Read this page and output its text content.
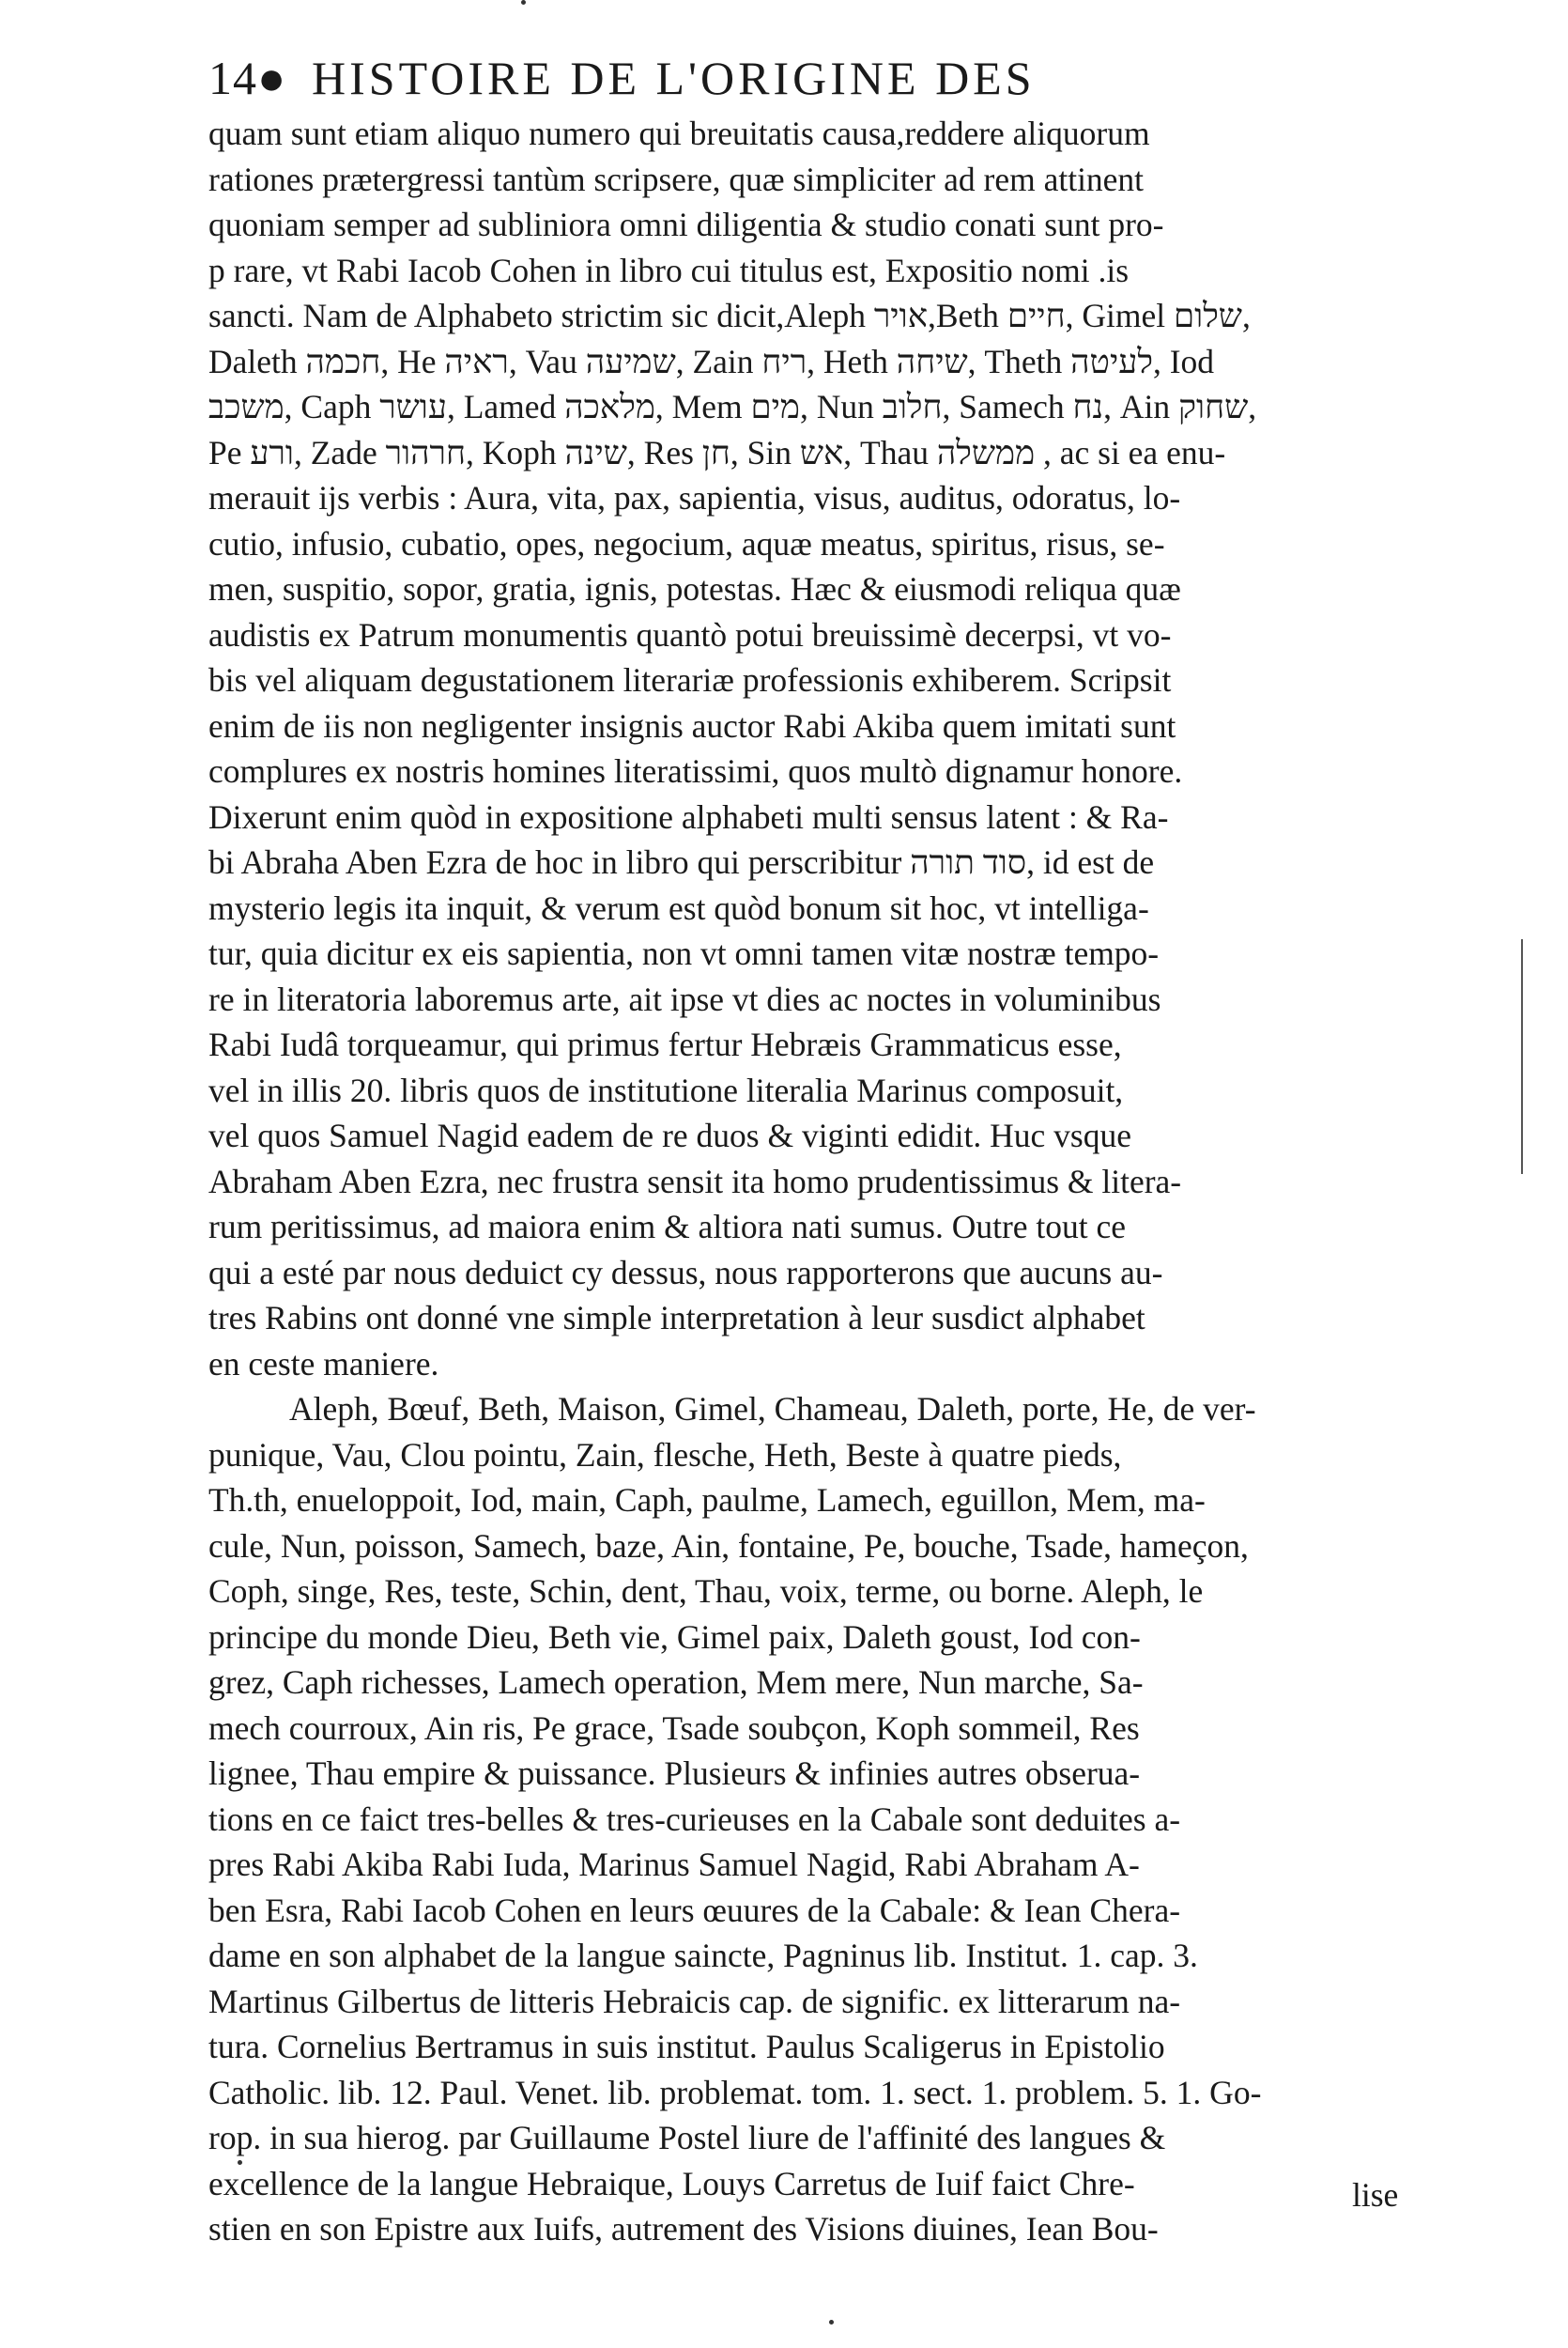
14● HISTOIRE DE L'ORIGINE DES
quam sunt etiam aliquo numero qui breuitatis causa,reddere aliquorum
rationes prætergressi tantùm scripsere, quæ simpliciter ad rem attinent
quoniam semper ad subliniora omni diligentia & studio conati sunt pro-
p rare, vt Rabi Iacob Cohen in libro cui titulus est, Expositio nomi .is
sancti. Nam de Alphabeto strictim sic dicit,Aleph אויר,Beth חיים, Gimel שלום,
Daleth חכמה, He ראיה, Vau שמיעה, Zain ריח, Heth שיחה, Theth לעיטה, Iod
משכב, Caph עושר, Lamed מלאכה, Mem מים, Nun חלוב, Samech נח, Ain שחוק,
Pe ורע, Zade חרהור, Koph שינה, Res חן, Sin אש, Thau ממשלה , ac si ea enu-
merauit ijs verbis : Aura, vita, pax, sapientia, visus, auditus, odoratus, lo-
cutio, infusio, cubatio, opes, negocium, aquæ meatus, spiritus, risus, se-
men, suspitio, sopor, gratia, ignis, potestas. Hæc & eiusmodi reliqua quæ
audistis ex Patrum monumentis quantò potui breuissimè decerpsi, vt vo-
bis vel aliquam degustationem literariæ professionis exhiberem. Scripsit
enim de iis non negligenter insignis auctor Rabi Akiba quem imitati sunt
complures ex nostris homines literatissimi, quos multò dignamur honore.
Dixerunt enim quòd in expositione alphabeti multi sensus latent : & Ra-
bi Abraha Aben Ezra de hoc in libro qui perscribitur סוד תורה, id est de
mysterio legis ita inquit, & verum est quòd bonum sit hoc, vt intelliga-
tur, quia dicitur ex eis sapientia, non vt omni tamen vitæ nostræ tempo-
re in literatoria laboremus arte, ait ipse vt dies ac noctes in voluminibus
Rabi Iudâ torqueamur, qui primus fertur Hebræis Grammaticus esse,
vel in illis 20. libris quos de institutione literalia Marinus composuit,
vel quos Samuel Nagid eadem de re duos & viginti edidit. Huc vsque
Abraham Aben Ezra, nec frustra sensit ita homo prudentissimus & litera-
rum peritissimus, ad maiora enim & altiora nati sumus. Outre tout ce
qui a esté par nous deduict cy dessus, nous rapporterons que aucuns au-
tres Rabins ont donné vne simple interpretation à leur susdict alphabet
en ceste maniere.
Aleph, Bœuf, Beth, Maison, Gimel, Chameau, Daleth, porte, He, de ver-
punique, Vau, Clou pointu, Zain, flesche, Heth, Beste à quatre pieds,
Th.th, enueloppoit, Iod, main, Caph, paulme, Lamech, eguillon, Mem, ma-
cule, Nun, poisson, Samech, baze, Ain, fontaine, Pe, bouche, Tsade, hameçon,
Coph, singe, Res, teste, Schin, dent, Thau, voix, terme, ou borne. Aleph, le
principe du monde Dieu, Beth vie, Gimel paix, Daleth goust, Iod con-
grez, Caph richesses, Lamech operation, Mem mere, Nun marche, Sa-
mech courroux, Ain ris, Pe grace, Tsade soubçon, Koph sommeil, Res
lignee, Thau empire & puissance. Plusieurs & infinies autres obserua-
tions en ce faict tres-belles & tres-curieuses en la Cabale sont deduites a-
pres Rabi Akiba Rabi Iuda, Marinus Samuel Nagid, Rabi Abraham A-
ben Esra, Rabi Iacob Cohen en leurs œuures de la Cabale: & Iean Chera-
dame en son alphabet de la langue saincte, Pagninus lib. Institut. 1. cap. 3.
Martinus Gilbertus de litteris Hebraicis cap. de signific. ex litterarum na-
tura. Cornelius Bertramus in suis institut. Paulus Scaligerus in Epistolio
Catholic. lib. 12. Paul. Venet. lib. problemat. tom. 1. sect. 1. problem. 5. 1. Go-
rop. in sua hierog. par Guillaume Postel liure de l'affinité des langues &
excellence de la langue Hebraique, Louys Carretus de Iuif faict Chre-
stien en son Epistre aux Iuifs, autrement des Visions diuines, Iean Bou-
lise
